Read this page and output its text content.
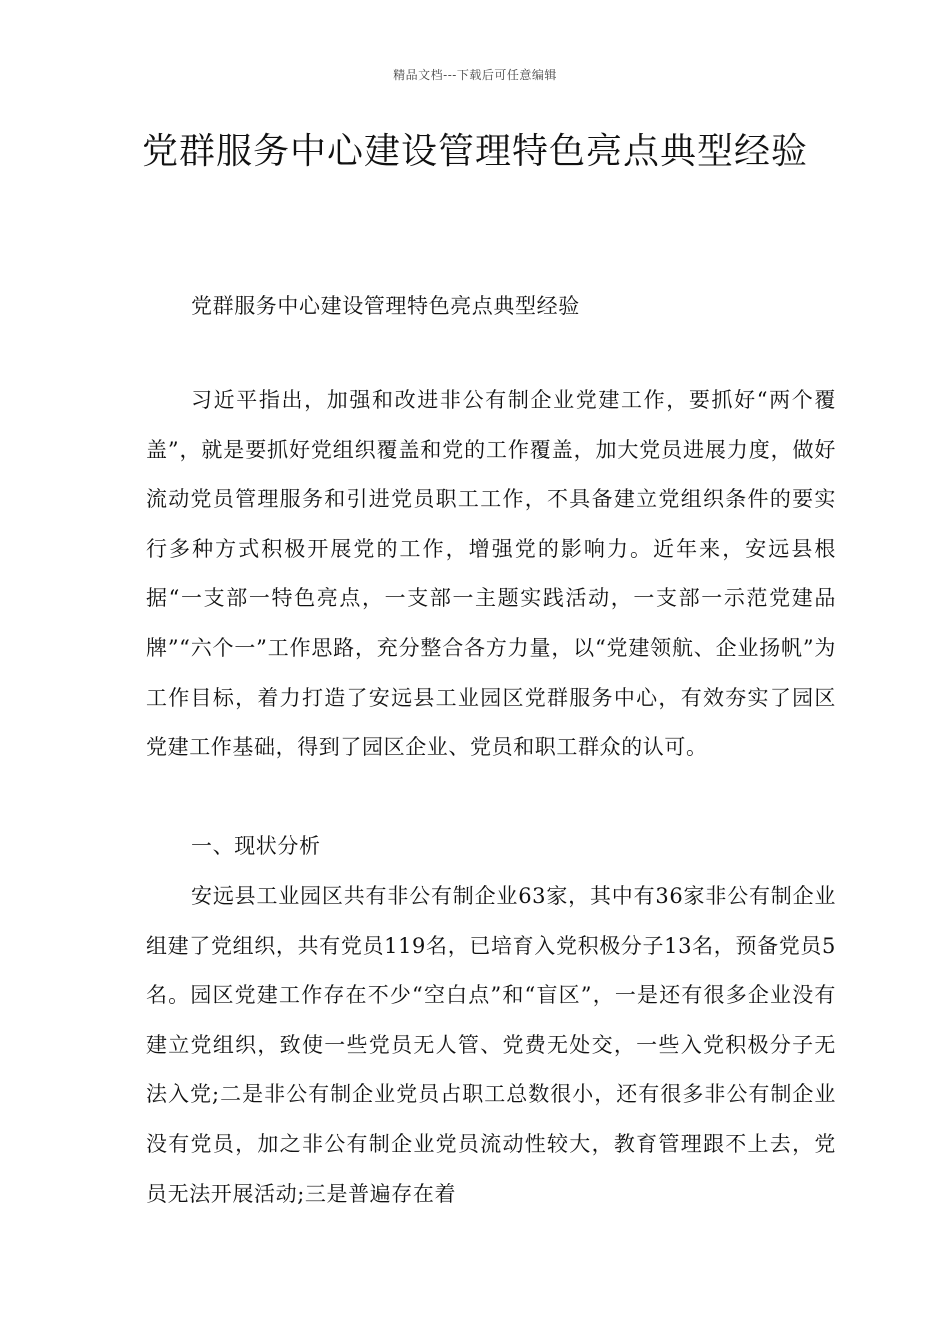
精品文档---下载后可任意编辑
党群服务中心建设管理特色亮点典型经验

党群服务中心建设管理特色亮点典型经验

习近平指出，加强和改进非公有制企业党建工作，要抓好“两个覆盖”，就是要抓好党组织覆盖和党的工作覆盖，加大党员进展力度，做好流动党员管理服务和引进党员职工工作，不具备建立党组织条件的要实行多种方式积极开展党的工作，增强党的影响力。近年来，安远县根据“一支部一特色亮点，一支部一主题实践活动，一支部一示范党建品牌”“六个一”工作思路，充分整合各方力量，以“党建领航、企业扬帆”为工作目标，着力打造了安远县工业园区党群服务中心，有效夯实了园区党建工作基础，得到了园区企业、党员和职工群众的认可。

一、现状分析

安远县工业园区共有非公有制企业63家，其中有36家非公有制企业组建了党组织，共有党员119名，已培育入党积极分子13名，预备党员5名。园区党建工作存在不少“空白点”和“盲区”，一是还有很多企业没有建立党组织，致使一些党员无人管、党费无处交，一些入党积极分子无法入党;二是非公有制企业党员占职工总数很小，还有很多非公有制企业没有党员，加之非公有制企业党员流动性较大，教育管理跟不上去，党员无法开展活动;三是普遍存在着
